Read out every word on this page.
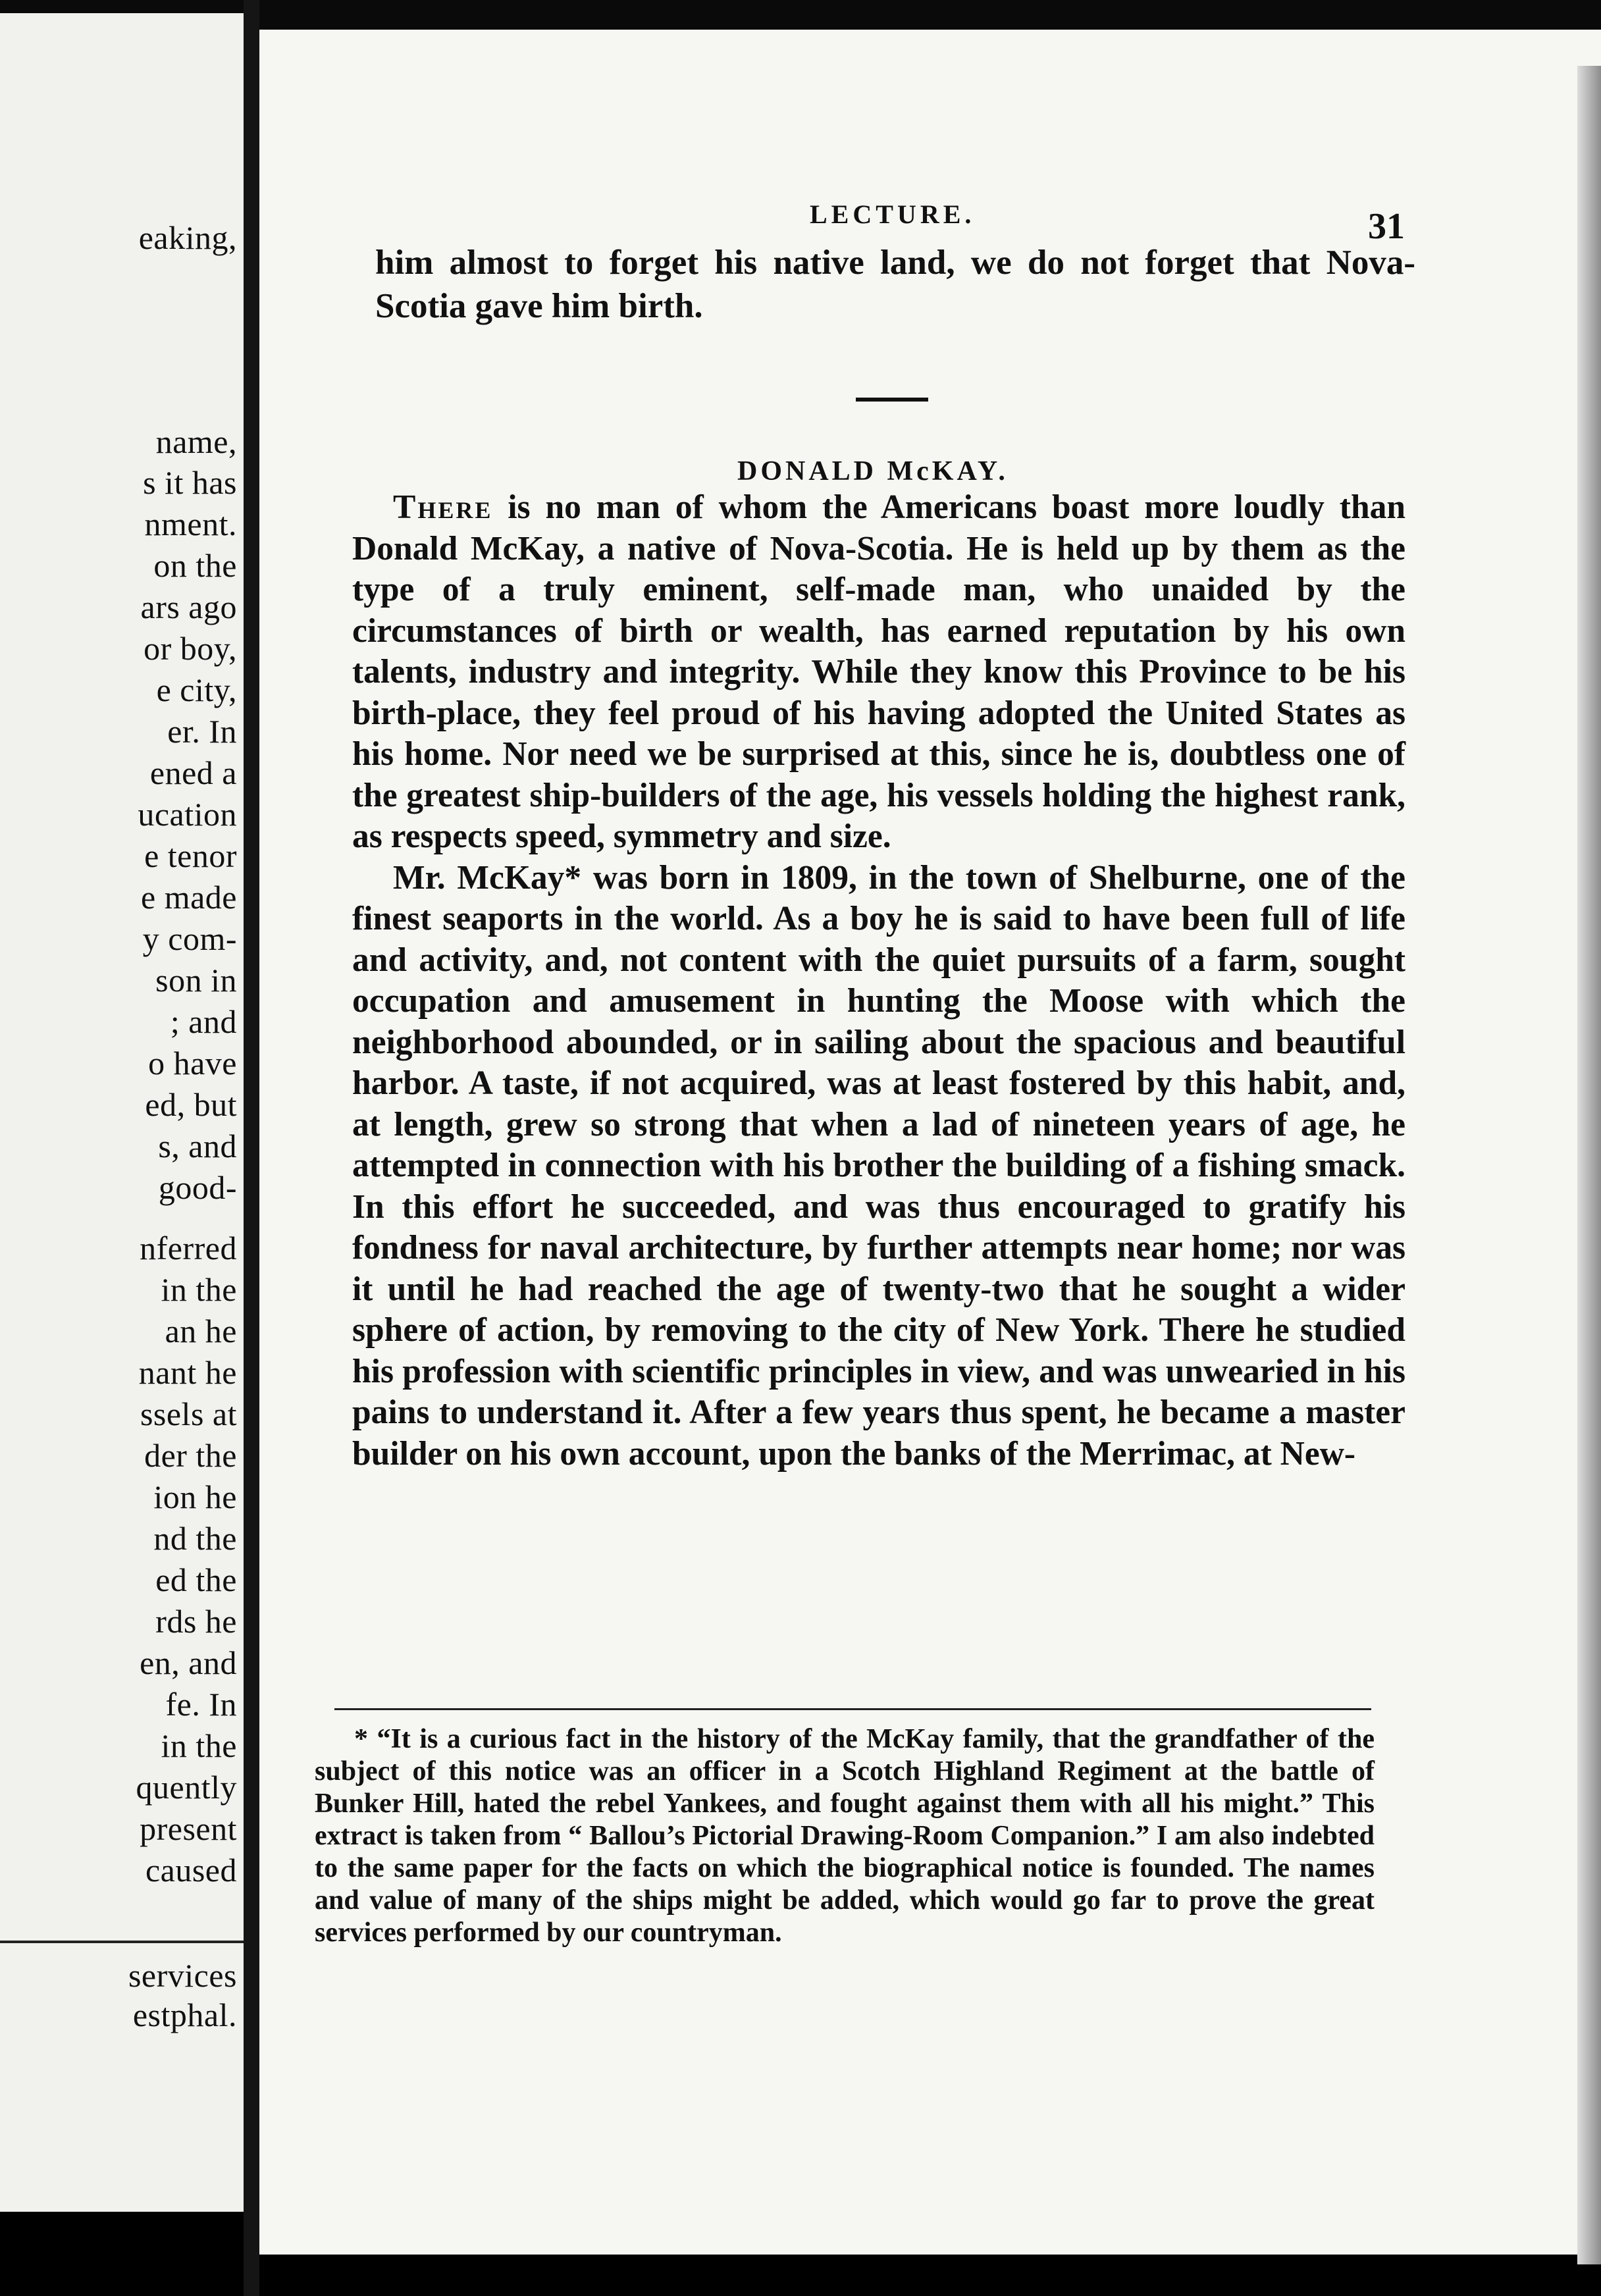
eaking,
name,
s it has
nment.
on the
ars ago
or boy,
e city,
er. In
ened a
ucation
e tenor
e made
y com-
son in
; and
o have
ed, but
s, and
good-
nferred
in the
an he
nant he
ssels at
der the
ion he
nd the
ed the
rds he
en, and
fe. In
in the
quently
present
caused
services
estphal.
LECTURE.	31
him almost to forget his native land, we do not forget that Nova-Scotia gave him birth.
DONALD McKAY.

There is no man of whom the Americans boast more loudly than Donald McKay, a native of Nova-Scotia. He is held up by them as the type of a truly eminent, self-made man, who unaided by the circumstances of birth or wealth, has earned reputation by his own talents, industry and integrity. While they know this Province to be his birth-place, they feel proud of his having adopted the United States as his home. Nor need we be surprised at this, since he is, doubtless one of the greatest ship-builders of the age, his vessels holding the highest rank, as respects speed, symmetry and size.

Mr. McKay* was born in 1809, in the town of Shelburne, one of the finest seaports in the world. As a boy he is said to have been full of life and activity, and, not content with the quiet pursuits of a farm, sought occupation and amusement in hunting the Moose with which the neighborhood abounded, or in sailing about the spacious and beautiful harbor. A taste, if not acquired, was at least fostered by this habit, and, at length, grew so strong that when a lad of nineteen years of age, he attempted in connection with his brother the building of a fishing smack. In this effort he succeeded, and was thus encouraged to gratify his fondness for naval architecture, by further attempts near home; nor was it until he had reached the age of twenty-two that he sought a wider sphere of action, by removing to the city of New York. There he studied his profession with scientific principles in view, and was unwearied in his pains to understand it. After a few years thus spent, he became a master builder on his own account, upon the banks of the Merrimac, at New-

* “It is a curious fact in the history of the McKay family, that the grandfather of the subject of this notice was an officer in a Scotch Highland Regiment at the battle of Bunker Hill, hated the rebel Yankees, and fought against them with all his might.” This extract is taken from “ Ballou’s Pictorial Drawing-Room Companion.” I am also indebted to the same paper for the facts on which the biographical notice is founded. The names and value of many of the ships might be added, which would go far to prove the great services performed by our countryman.
